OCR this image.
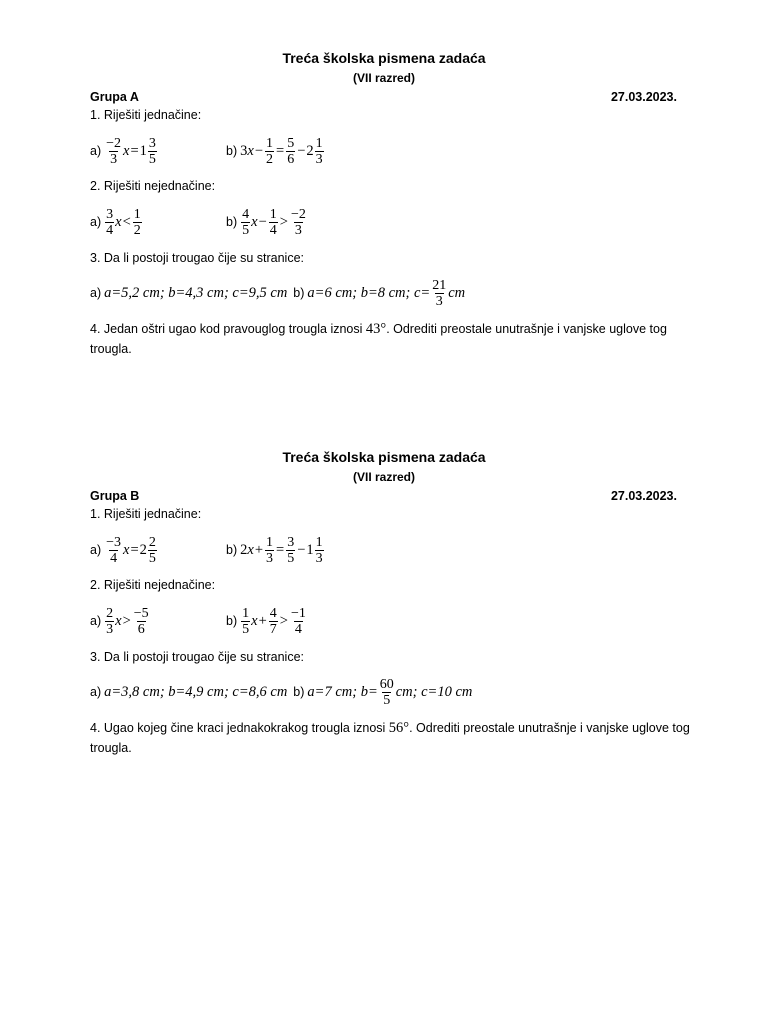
Treća školska pismena zadaća
(VII razred)
Grupa A	27.03.2023.
1. Riješiti jednačine:
$a) \frac{-2}{3}$ $x = 1 \frac{3}{5}$	b) 3 $x - \frac{1}{2} = \frac{5}{6} - 2 \frac{1}{3}$
2. Riješiti nejednačine:
$a) \frac{3}{4}$ $x < \frac{1}{2}$	$b) \frac{4}{5}$ $x - \frac{1}{4} > \frac{-2}{3}$
3. Da li postoji trougao čije su stranice:
a) a=5,2 cm; b=4,3 cm; c=9,5 cm b) a=6 cm; b=8 cm; $c= \frac{21}{3}$ cm
4. Jedan oštri ugao kod pravouglog trougla iznosi 43°. Odrediti preostale unutrašnje i vanjske uglove tog trougla.
Treća školska pismena zadaća
(VII razred)
Grupa B	27.03.2023.
1. Riješiti jednačine:
$a) \frac{-3}{4}$ $x = 2 \frac{2}{5}$	b) 2 $x + \frac{1}{3} = \frac{3}{5} - 1 \frac{1}{3}$
2. Riješiti nejednačine:
$a) \frac{2}{3}$ $x > \frac{-5}{6}$	$b) \frac{1}{5}$ $x + \frac{4}{7} > \frac{-1}{4}$
3. Da li postoji trougao čije su stranice:
a) a=3,8 cm; b=4,9 cm; c=8,6 cm b) a=7 cm; $b= \frac{60}{5}$ cm; c=10 cm
4. Ugao kojeg čine kraci jednakokrakog trougla iznosi 56°. Odrediti preostale unutrašnje i vanjske uglove tog trougla.
